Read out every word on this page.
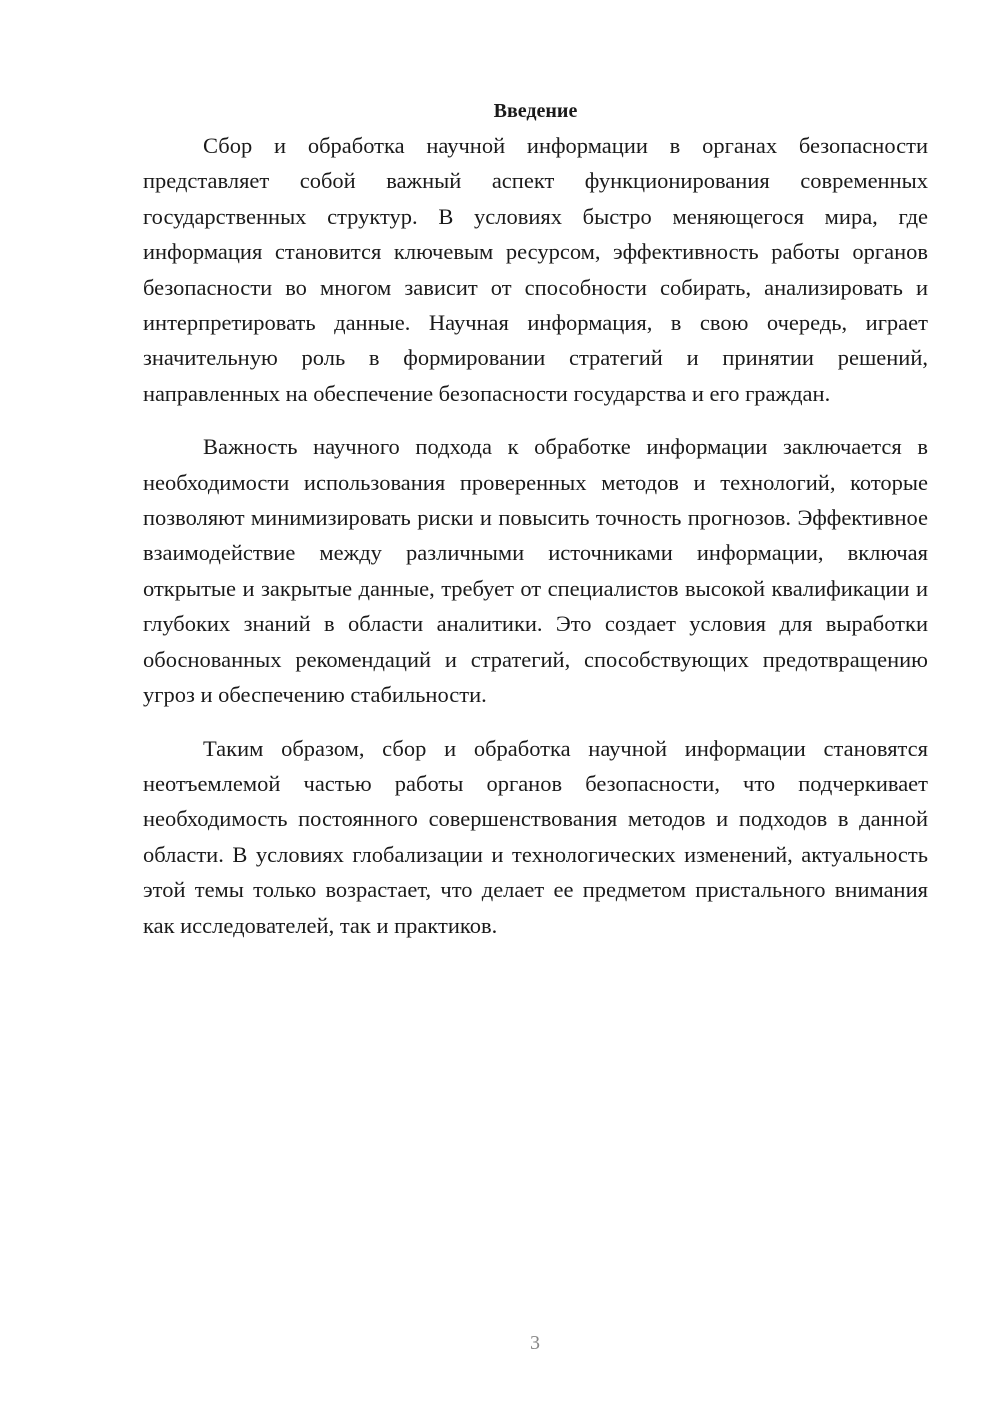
Введение

Сбор и обработка научной информации в органах безопасности представляет собой важный аспект функционирования современных государственных структур. В условиях быстро меняющегося мира, где информация становится ключевым ресурсом, эффективность работы органов безопасности во многом зависит от способности собирать, анализировать и интерпретировать данные. Научная информация, в свою очередь, играет значительную роль в формировании стратегий и принятии решений, направленных на обеспечение безопасности государства и его граждан.

Важность научного подхода к обработке информации заключается в необходимости использования проверенных методов и технологий, которые позволяют минимизировать риски и повысить точность прогнозов. Эффективное взаимодействие между различными источниками информации, включая открытые и закрытые данные, требует от специалистов высокой квалификации и глубоких знаний в области аналитики. Это создает условия для выработки обоснованных рекомендаций и стратегий, способствующих предотвращению угроз и обеспечению стабильности.

Таким образом, сбор и обработка научной информации становятся неотъемлемой частью работы органов безопасности, что подчеркивает необходимость постоянного совершенствования методов и подходов в данной области. В условиях глобализации и технологических изменений, актуальность этой темы только возрастает, что делает ее предметом пристального внимания как исследователей, так и практиков.

3
